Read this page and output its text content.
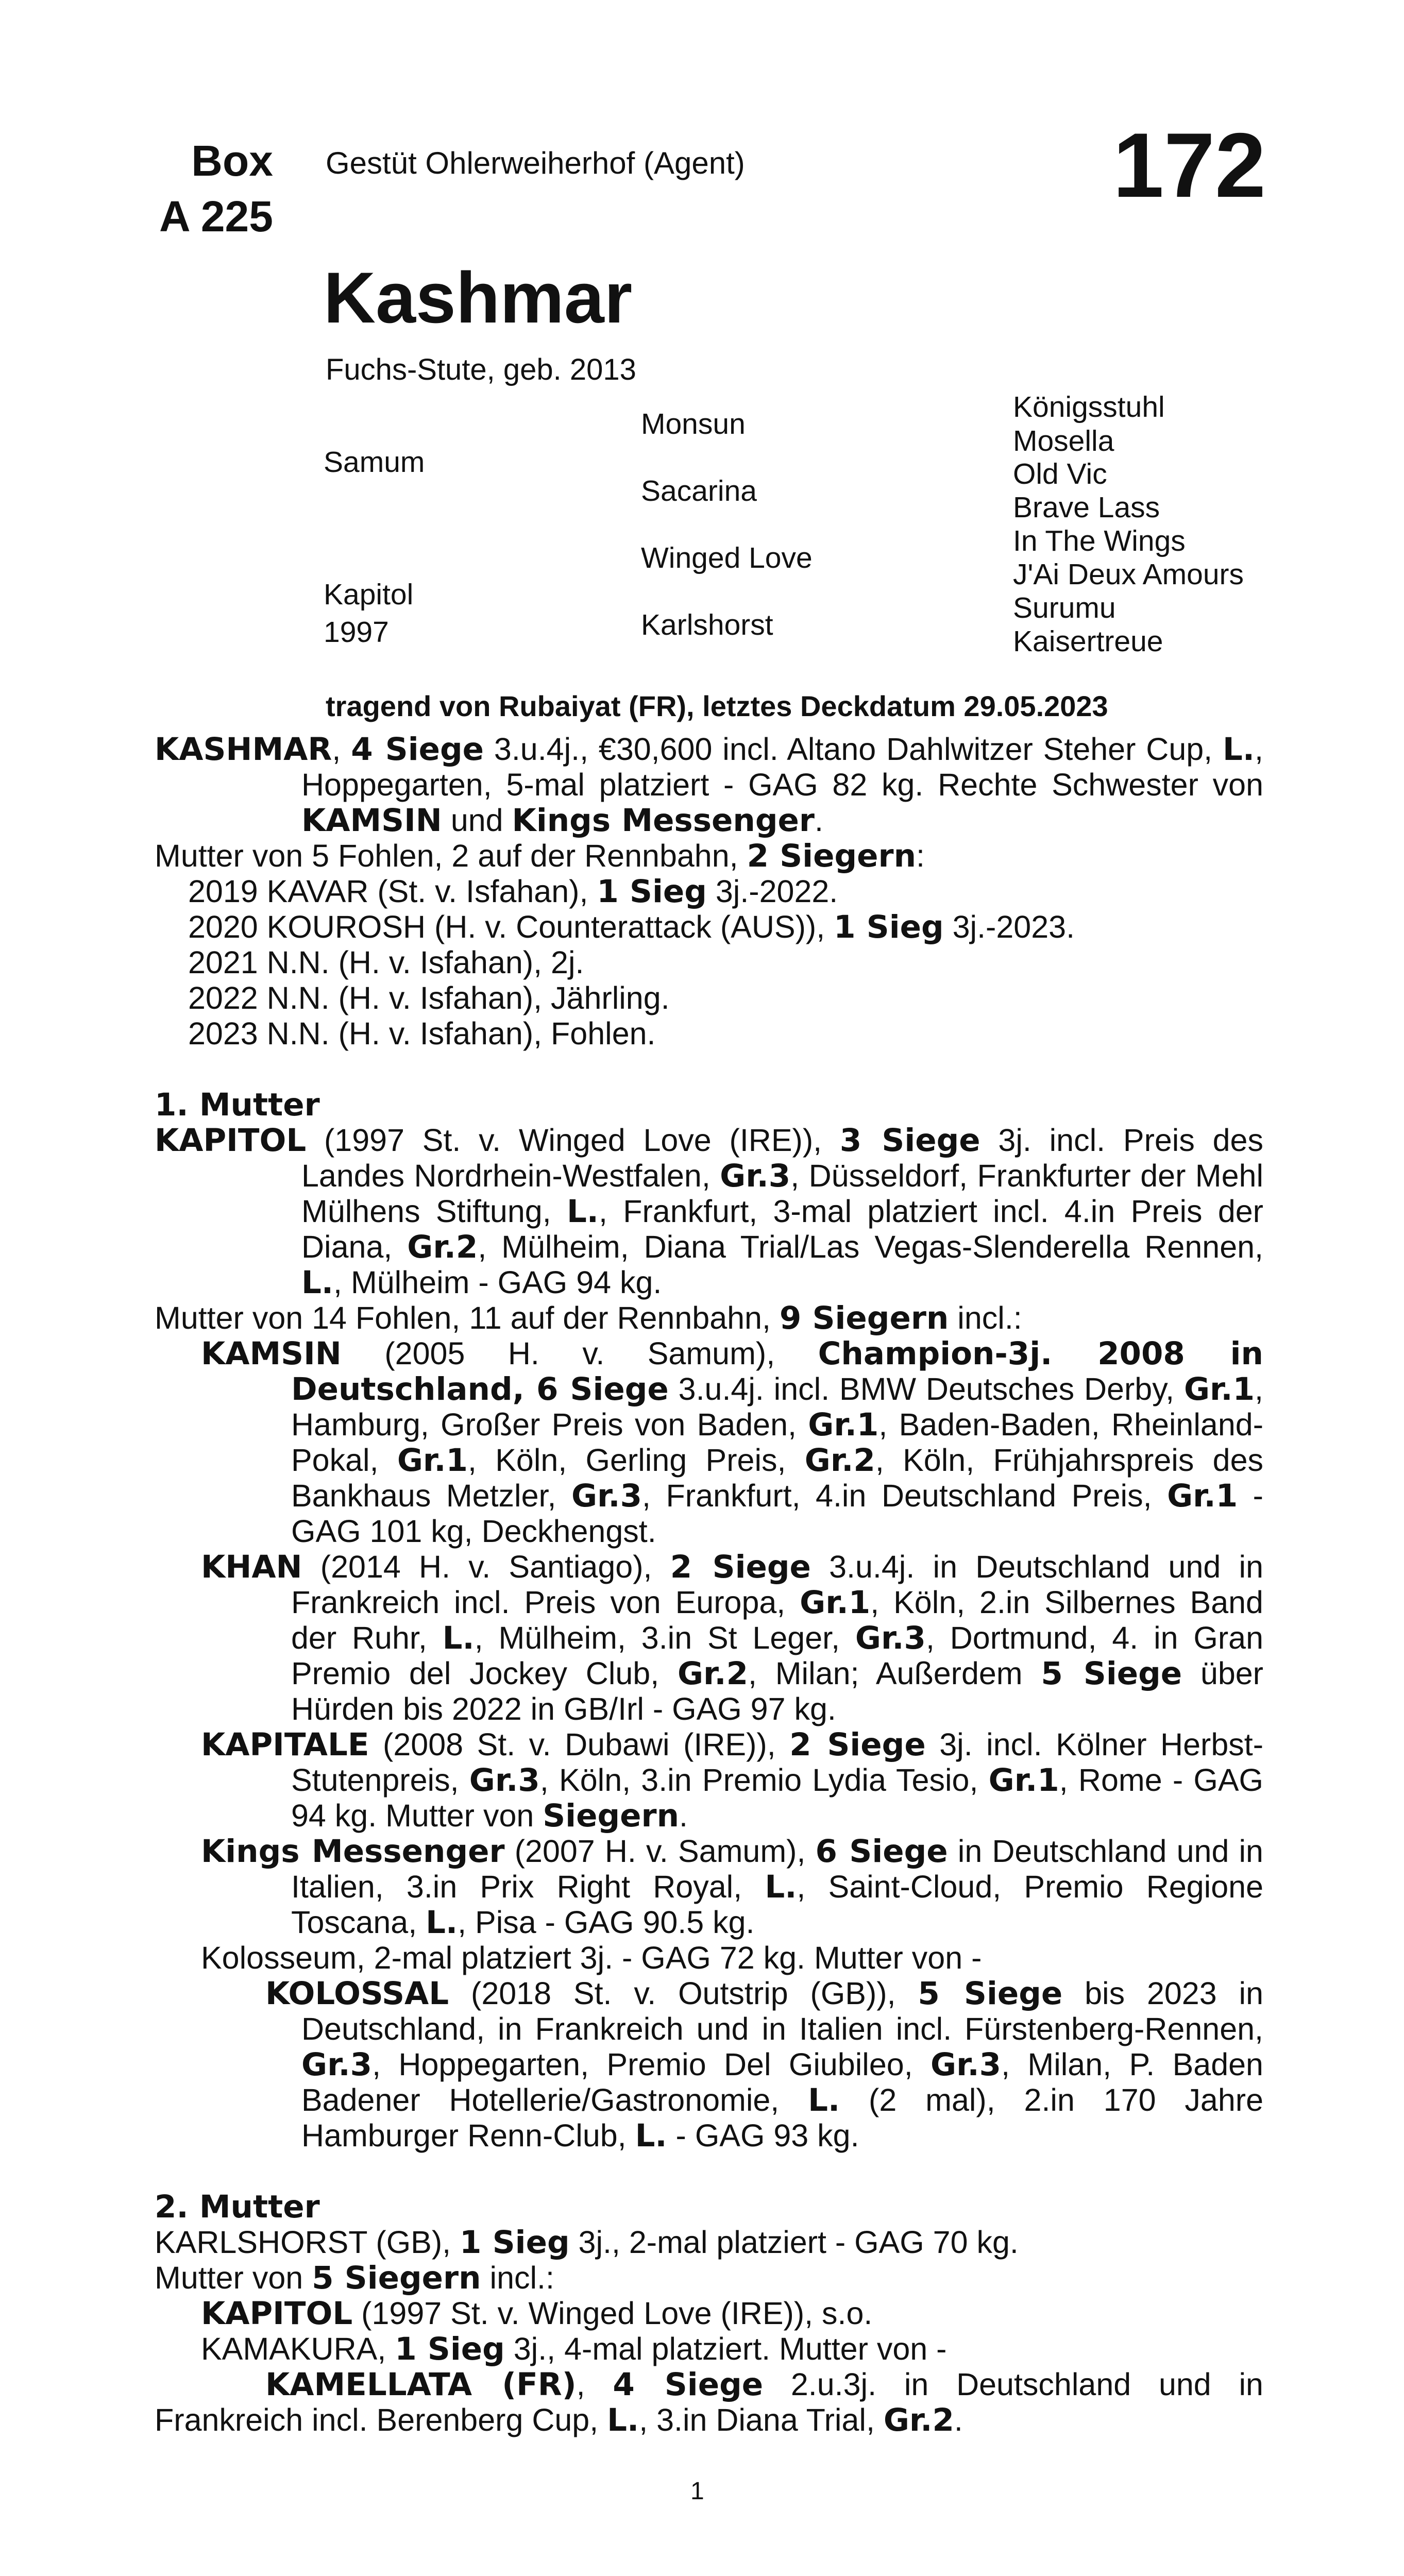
Box
A 225
Gestüt Ohlerweiherhof (Agent)	172
Kashmar
Fuchs-Stute, geb. 2013
Samum
Kapitol
1997
Monsun
Sacarina
Winged Love
Karlshorst
Königsstuhl
Mosella
Old Vic
Brave Lass
In The Wings
J'Ai Deux Amours
Surumu
Kaisertreue
tragend von Rubaiyat (FR), letztes Deckdatum 29.05.2023

KASHMAR, 4 Siege 3.u.4j., €30,600 incl. Altano Dahlwitzer Steher Cup, L., Hoppegarten, 5-mal platziert - GAG 82 kg. Rechte Schwester von KAMSIN und Kings Messenger.

Mutter von 5 Fohlen, 2 auf der Rennbahn, 2 Siegern:

2019 KAVAR (St. v. Isfahan), 1 Sieg 3j.-2022.

2020 KOUROSH (H. v. Counterattack (AUS)), 1 Sieg 3j.-2023.

2021 N.N. (H. v. Isfahan), 2j.

2022 N.N. (H. v. Isfahan), Jährling.

2023 N.N. (H. v. Isfahan), Fohlen.

1. Mutter

KAPITOL (1997 St. v. Winged Love (IRE)), 3 Siege 3j. incl. Preis des Landes Nordrhein-Westfalen, Gr.3, Düsseldorf, Frankfurter der Mehl Mülhens Stiftung, L., Frankfurt, 3-mal platziert incl. 4.in Preis der Diana, Gr.2, Mülheim, Diana Trial/Las Vegas-Slenderella Rennen, L., Mülheim - GAG 94 kg.

Mutter von 14 Fohlen, 11 auf der Rennbahn, 9 Siegern incl.:

KAMSIN (2005 H. v. Samum), Champion-3j. 2008 in Deutschland, 6 Siege 3.u.4j. incl. BMW Deutsches Derby, Gr.1, Hamburg, Großer Preis von Baden, Gr.1, Baden-Baden, Rheinland-Pokal, Gr.1, Köln, Gerling Preis, Gr.2, Köln, Frühjahrspreis des Bankhaus Metzler, Gr.3, Frankfurt, 4.in Deutschland Preis, Gr.1 - GAG 101 kg, Deckhengst.

KHAN (2014 H. v. Santiago), 2 Siege 3.u.4j. in Deutschland und in Frankreich incl. Preis von Europa, Gr.1, Köln, 2.in Silbernes Band der Ruhr, L., Mülheim, 3.in St Leger, Gr.3, Dortmund, 4. in Gran Premio del Jockey Club, Gr.2, Milan; Außerdem 5 Siege über Hürden bis 2022 in GB/Irl - GAG 97 kg.

KAPITALE (2008 St. v. Dubawi (IRE)), 2 Siege 3j. incl. Kölner Herbst-Stutenpreis, Gr.3, Köln, 3.in Premio Lydia Tesio, Gr.1, Rome - GAG 94 kg. Mutter von Siegern.

Kings Messenger (2007 H. v. Samum), 6 Siege in Deutschland und in Italien, 3.in Prix Right Royal, L., Saint-Cloud, Premio Regione Toscana, L., Pisa - GAG 90.5 kg.

Kolosseum, 2-mal platziert 3j. - GAG 72 kg. Mutter von -

KOLOSSAL (2018 St. v. Outstrip (GB)), 5 Siege bis 2023 in Deutschland, in Frankreich und in Italien incl. Fürstenberg-Rennen, Gr.3, Hoppegarten, Premio Del Giubileo, Gr.3, Milan, P. Baden Badener Hotellerie/Gastronomie, L. (2 mal), 2.in 170 Jahre Hamburger Renn-Club, L. - GAG 93 kg.

2. Mutter

KARLSHORST (GB), 1 Sieg 3j., 2-mal platziert - GAG 70 kg.

Mutter von 5 Siegern incl.:

KAPITOL (1997 St. v. Winged Love (IRE)), s.o.

KAMAKURA, 1 Sieg 3j., 4-mal platziert. Mutter von -

KAMELLATA (FR), 4 Siege 2.u.3j. in Deutschland und in Frankreich incl. Berenberg Cup, L., 3.in Diana Trial, Gr.2.

1
